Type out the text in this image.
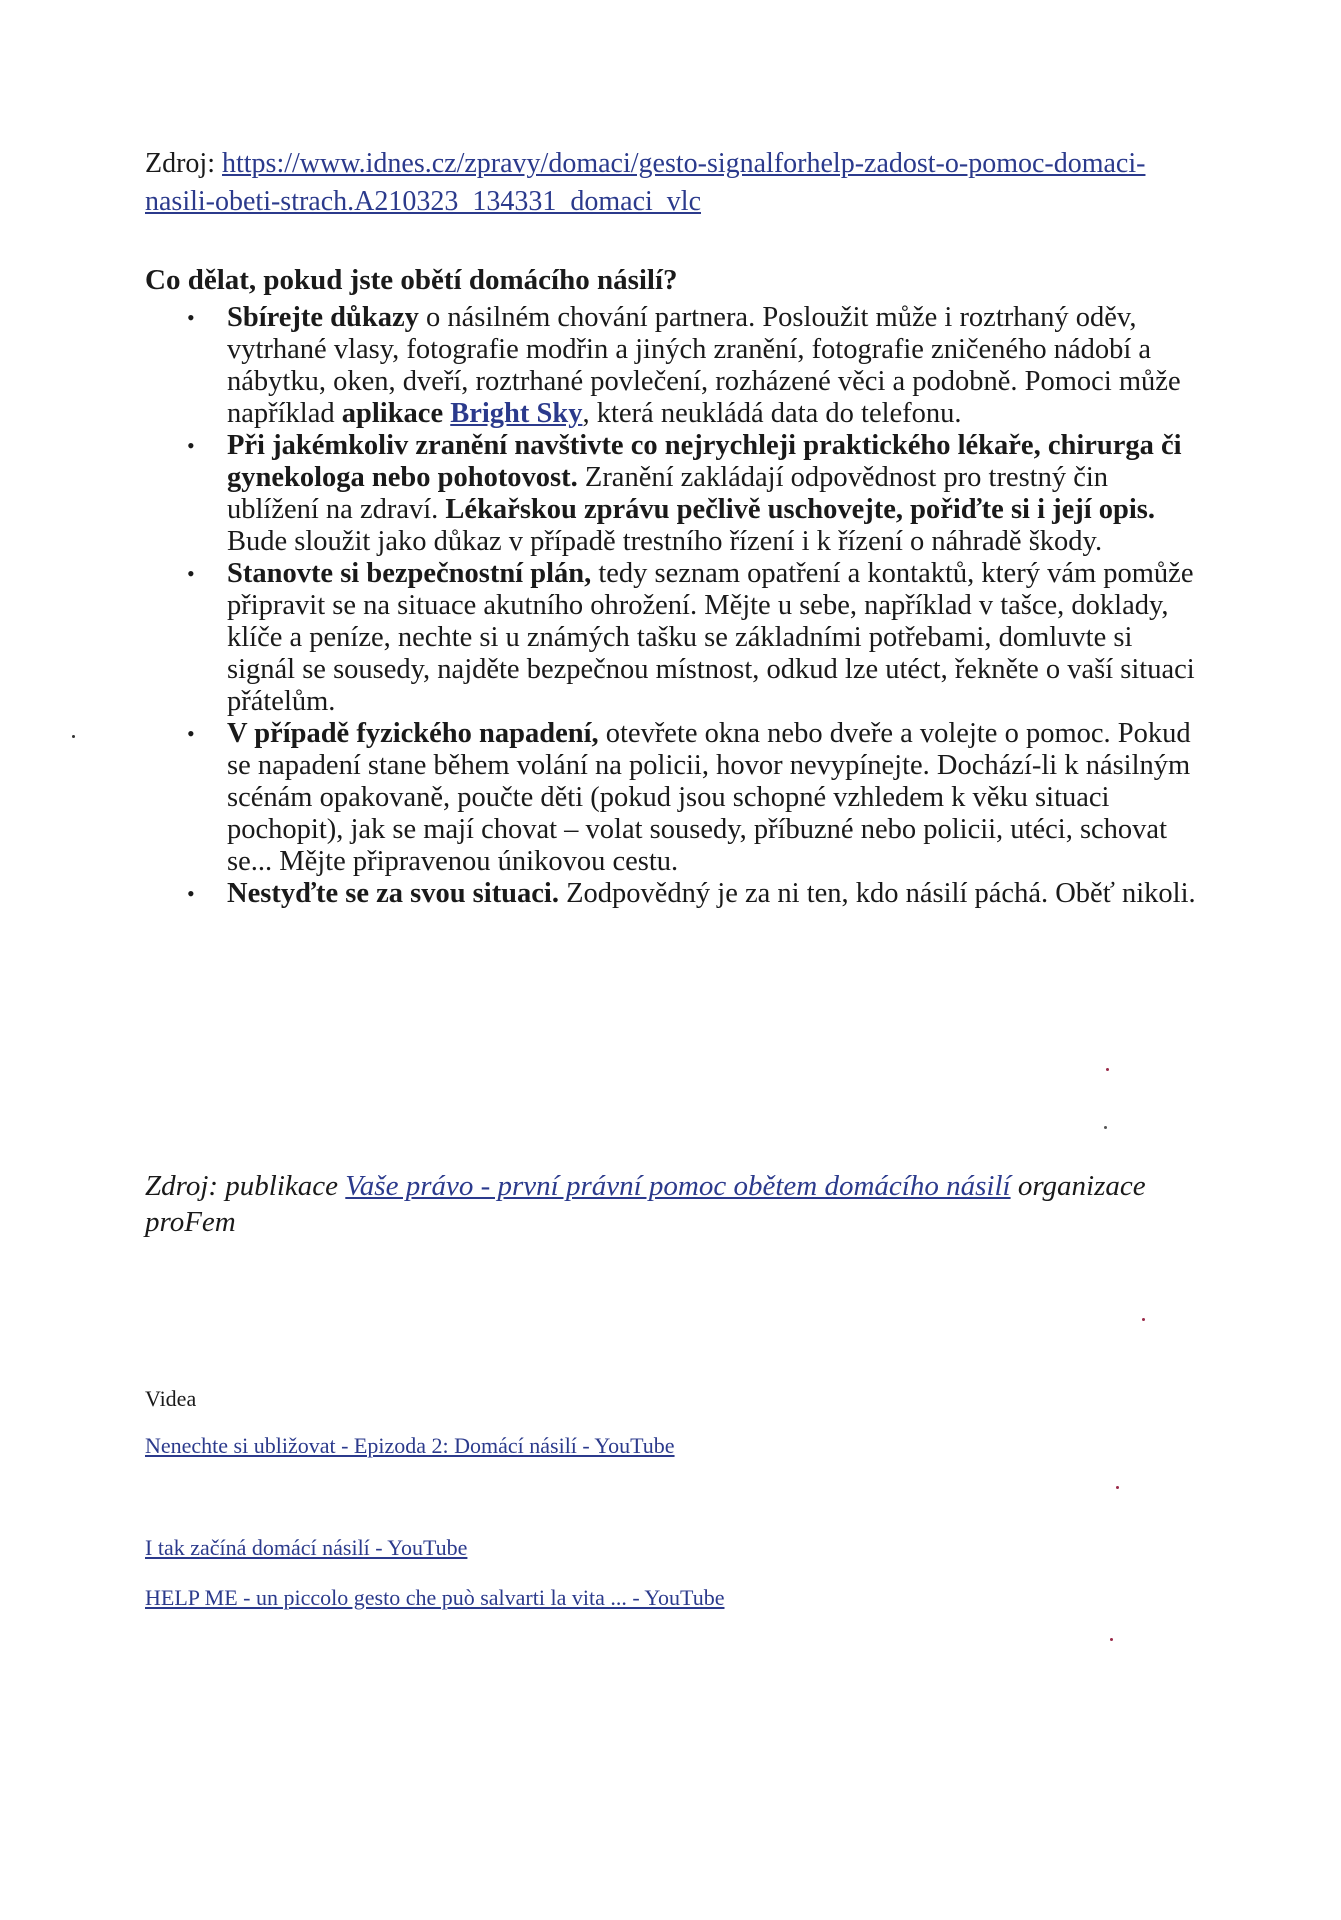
Zdroj: https://www.idnes.cz/zpravy/domaci/gesto-signalforhelp-zadost-o-pomoc-domaci-nasili-obeti-strach.A210323_134331_domaci_vlc
Co dělat, pokud jste obětí domácího násilí?
• Sbírejte důkazy o násilném chování partnera. Posloužit může i roztrhaný oděv, vytrhané vlasy, fotografie modřin a jiných zranění, fotografie zničeného nádobí a nábytku, oken, dveří, roztrhané povlečení, rozházené věci a podobně. Pomoci může například aplikace Bright Sky, která neukládá data do telefonu.
• Při jakémkoliv zranění navštivte co nejrychleji praktického lékaře, chirurga či gynekologa nebo pohotovost. Zranění zakládají odpovědnost pro trestný čin ublížení na zdraví. Lékařskou zprávu pečlivě uschovejte, pořiďte si i její opis. Bude sloužit jako důkaz v případě trestního řízení i k řízení o náhradě škody.
• Stanovte si bezpečnostní plán, tedy seznam opatření a kontaktů, který vám pomůže připravit se na situace akutního ohrožení. Mějte u sebe, například v tašce, doklady, klíče a peníze, nechte si u známých tašku se základními potřebami, domluvte si signál se sousedy, najděte bezpečnou místnost, odkud lze utéct, řekněte o vaší situaci přátelům.
• V případě fyzického napadení, otevřete okna nebo dveře a volejte o pomoc. Pokud se napadení stane během volání na policii, hovor nevypínejte. Dochází-li k násilným scénám opakovaně, poučte děti (pokud jsou schopné vzhledem k věku situaci pochopit), jak se mají chovat – volat sousedy, příbuzné nebo policii, utéci, schovat se... Mějte připravenou únikovou cestu.
• Nestyďte se za svou situaci. Zodpovědný je za ni ten, kdo násilí páchá. Oběť nikoli.
Zdroj: publikace Vaše právo - první právní pomoc obětem domácího násilí organizace proFem
Videa
Nenechte si ubližovat - Epizoda 2: Domácí násilí - YouTube
I tak začíná domácí násilí - YouTube
HELP ME - un piccolo gesto che può salvarti la vita ... - YouTube
